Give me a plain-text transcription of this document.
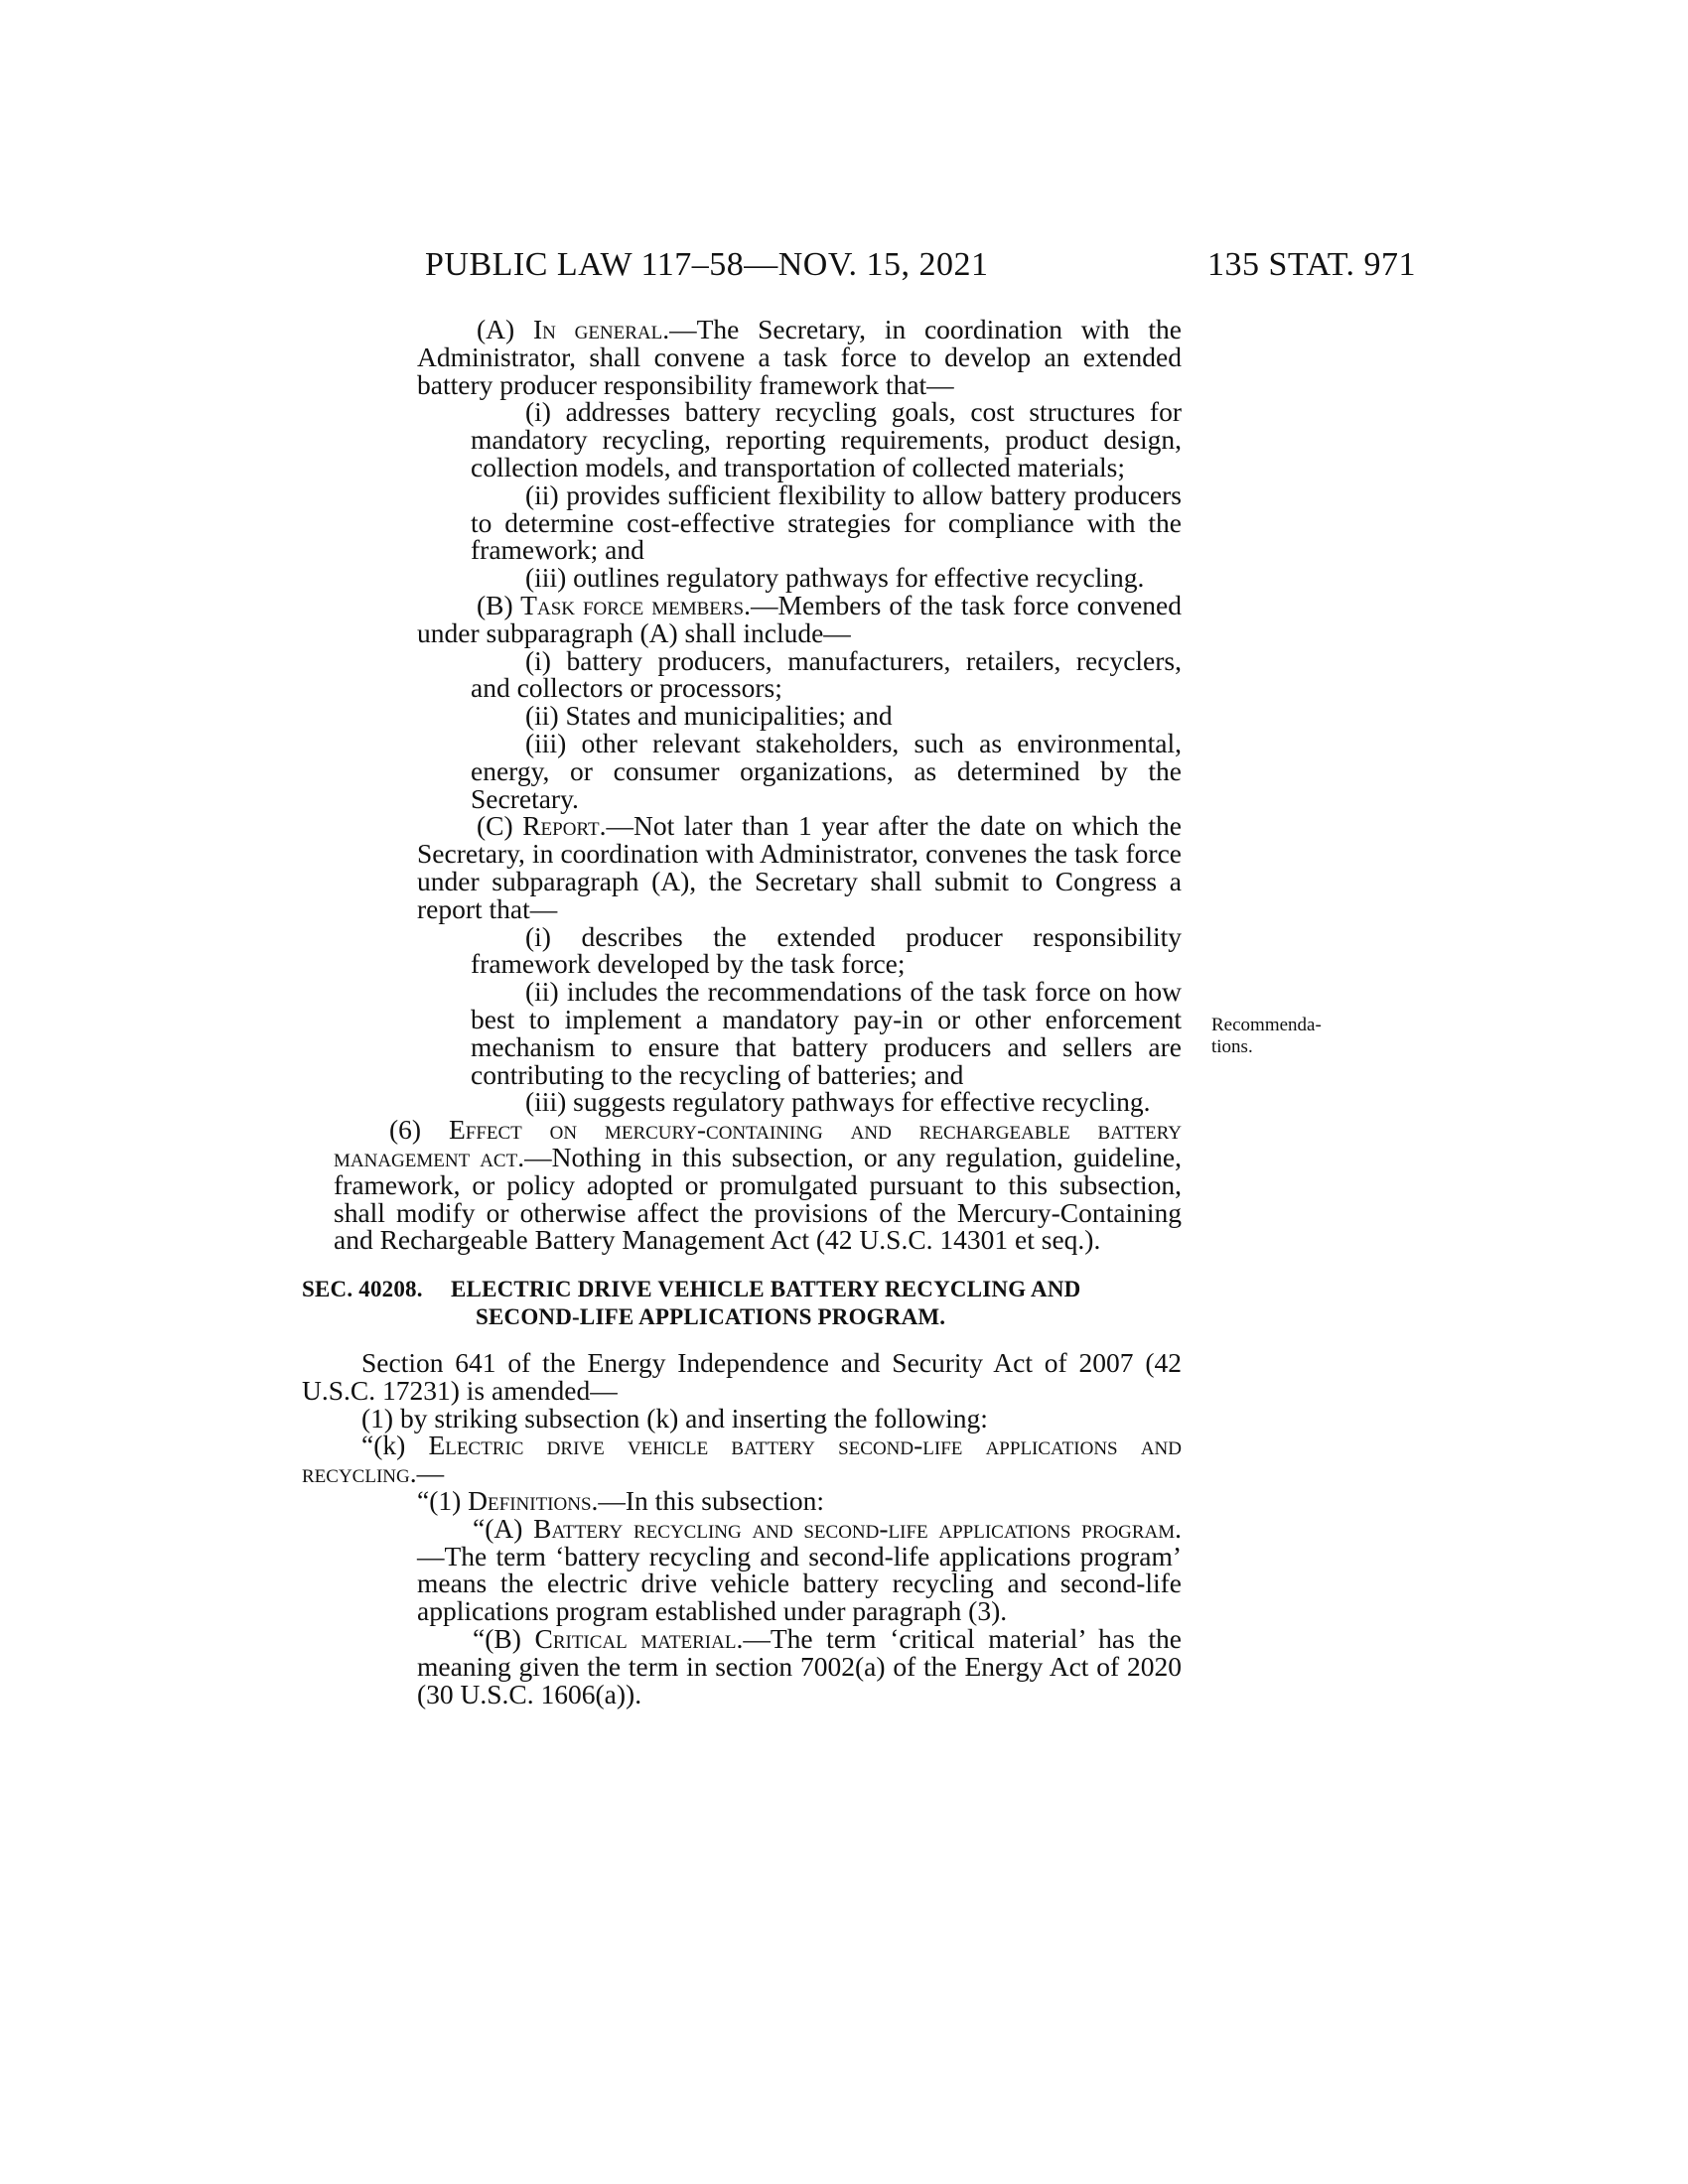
PUBLIC LAW 117–58—NOV. 15, 2021	135 STAT. 971
Recommenda-
tions.

(A) In general.—The Secretary, in coordination with the Administrator, shall convene a task force to develop an extended battery producer responsibility framework that—

(i) addresses battery recycling goals, cost structures for mandatory recycling, reporting requirements, product design, collection models, and transportation of collected materials;

(ii) provides sufficient flexibility to allow battery producers to determine cost-effective strategies for compliance with the framework; and

(iii) outlines regulatory pathways for effective recycling.

(B) Task force members.—Members of the task force convened under subparagraph (A) shall include—

(i) battery producers, manufacturers, retailers, recyclers, and collectors or processors;

(ii) States and municipalities; and

(iii) other relevant stakeholders, such as environmental, energy, or consumer organizations, as determined by the Secretary.

(C) Report.—Not later than 1 year after the date on which the Secretary, in coordination with Administrator, convenes the task force under subparagraph (A), the Secretary shall submit to Congress a report that—

(i) describes the extended producer responsibility framework developed by the task force;

(ii) includes the recommendations of the task force on how best to implement a mandatory pay-in or other enforcement mechanism to ensure that battery producers and sellers are contributing to the recycling of batteries; and

(iii) suggests regulatory pathways for effective recycling.

(6) Effect on mercury-containing and rechargeable battery management act.—Nothing in this subsection, or any regulation, guideline, framework, or policy adopted or promulgated pursuant to this subsection, shall modify or otherwise affect the provisions of the Mercury-Containing and Rechargeable Battery Management Act (42 U.S.C. 14301 et seq.).

SEC. 40208. ELECTRIC DRIVE VEHICLE BATTERY RECYCLING AND SECOND-LIFE APPLICATIONS PROGRAM.

Section 641 of the Energy Independence and Security Act of 2007 (42 U.S.C. 17231) is amended—

(1) by striking subsection (k) and inserting the following:

“(k) Electric drive vehicle battery second-life applications and recycling.—

“(1) Definitions.—In this subsection:

“(A) Battery recycling and second-life applications program.—The term ‘battery recycling and second-life applications program’ means the electric drive vehicle battery recycling and second-life applications program established under paragraph (3).

“(B) Critical material.—The term ‘critical material’ has the meaning given the term in section 7002(a) of the Energy Act of 2020 (30 U.S.C. 1606(a)).
